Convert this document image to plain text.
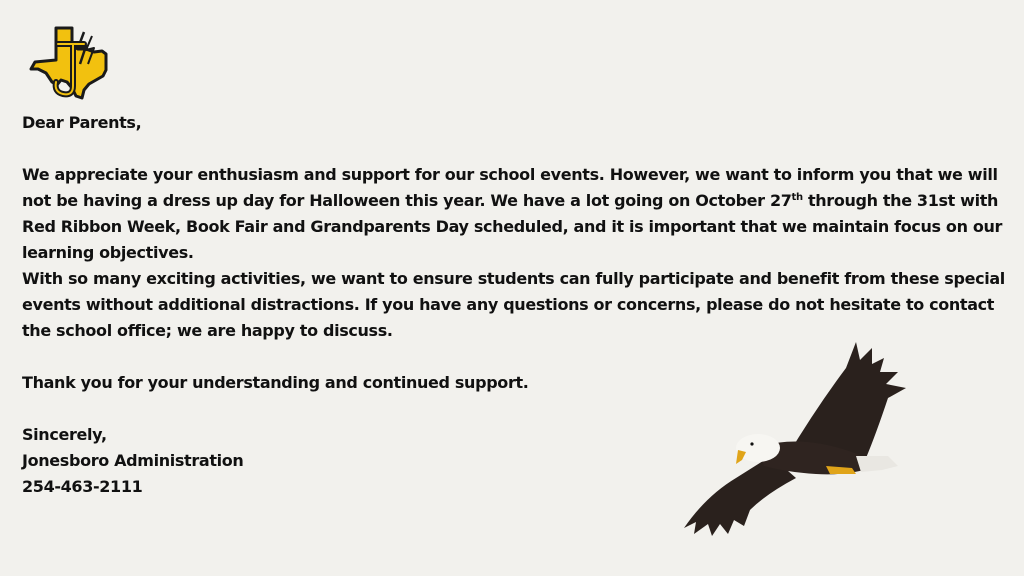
Dear Parents,

We appreciate your enthusiasm and support for our school events. However, we want to inform you that we will not be having a dress up day for Halloween this year. We have a lot going on October 27th through the 31st with Red Ribbon Week, Book Fair and Grandparents Day scheduled, and it is important that we maintain focus on our learning objectives.

With so many exciting activities, we want to ensure students can fully participate and benefit from these special events without additional distractions. If you have any questions or concerns, please do not hesitate to contact the school office; we are happy to discuss.

Thank you for your understanding and continued support.

Sincerely,

Jonesboro Administration

254-463-2111
